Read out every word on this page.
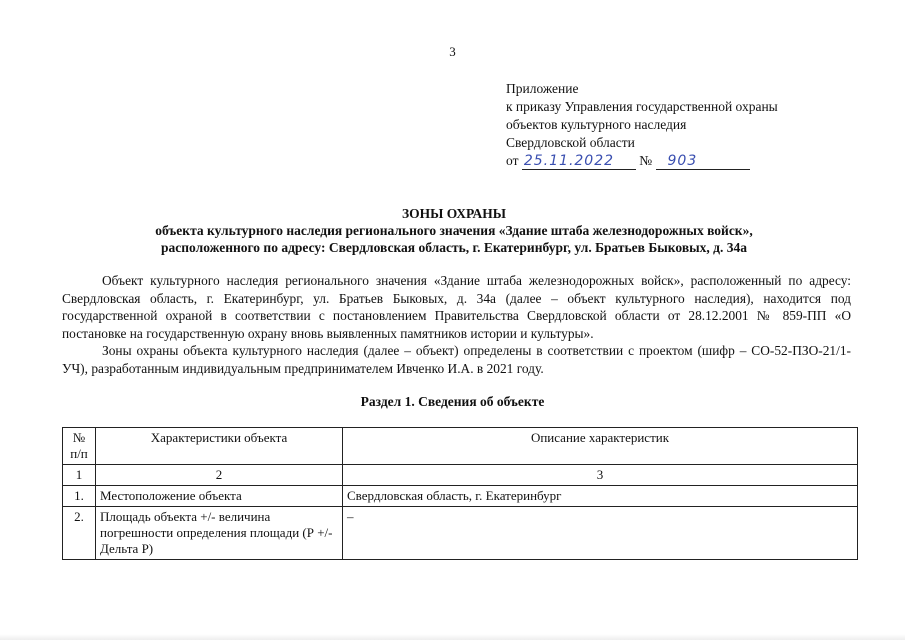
3
Приложение
к приказу Управления государственной охраны
объектов культурного наследия
Свердловской области
от 25.11.2022 № 903
ЗОНЫ ОХРАНЫ
объекта культурного наследия регионального значения «Здание штаба железнодорожных войск»,
расположенного по адресу: Свердловская область, г. Екатеринбург, ул. Братьев Быковых, д. 34а

Объект культурного наследия регионального значения «Здание штаба железнодорожных войск», расположенный по адресу: Свердловская область, г. Екатеринбург, ул. Братьев Быковых, д. 34а (далее – объект культурного наследия), находится под государственной охраной в соответствии с постановлением Правительства Свердловской области от 28.12.2001 № 859-ПП «О постановке на государственную охрану вновь выявленных памятников истории и культуры».

Зоны охраны объекта культурного наследия (далее – объект) определены в соответствии с проектом (шифр – СО-52-ПЗО-21/1-УЧ), разработанным индивидуальным предпринимателем Ивченко И.А. в 2021 году.

Раздел 1. Сведения об объекте
№ п/п	Характеристики объекта	Описание характеристик
1	2	3
1.	Местоположение объекта	Свердловская область, г. Екатеринбург
2.	Площадь объекта +/- величина погрешности определения площади (Р +/- Дельта Р)	–
